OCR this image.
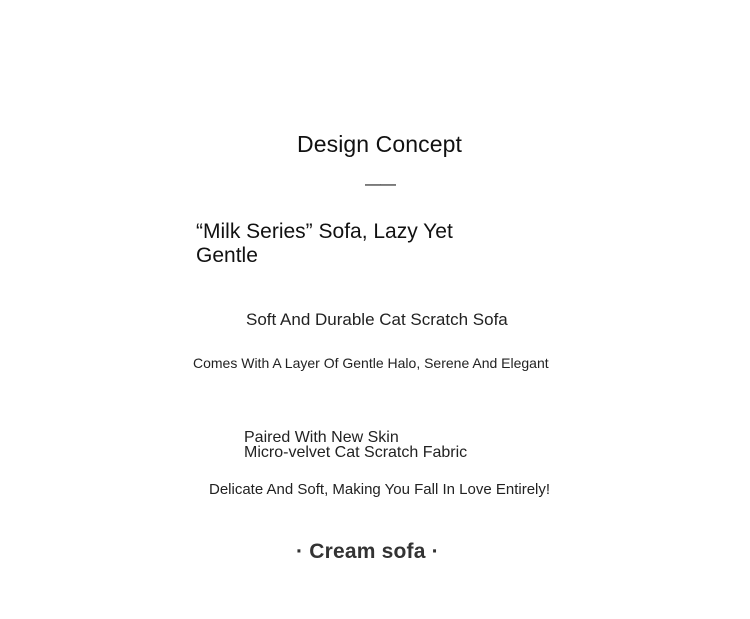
Design Concept
——
“Milk Series” Sofa, Lazy Yet Gentle
Soft And Durable Cat Scratch Sofa
Comes With A Layer Of Gentle Halo, Serene And Elegant
Paired With New Skin
Micro-velvet Cat Scratch Fabric
Delicate And Soft, Making You Fall In Love Entirely!
· Cream sofa ·
